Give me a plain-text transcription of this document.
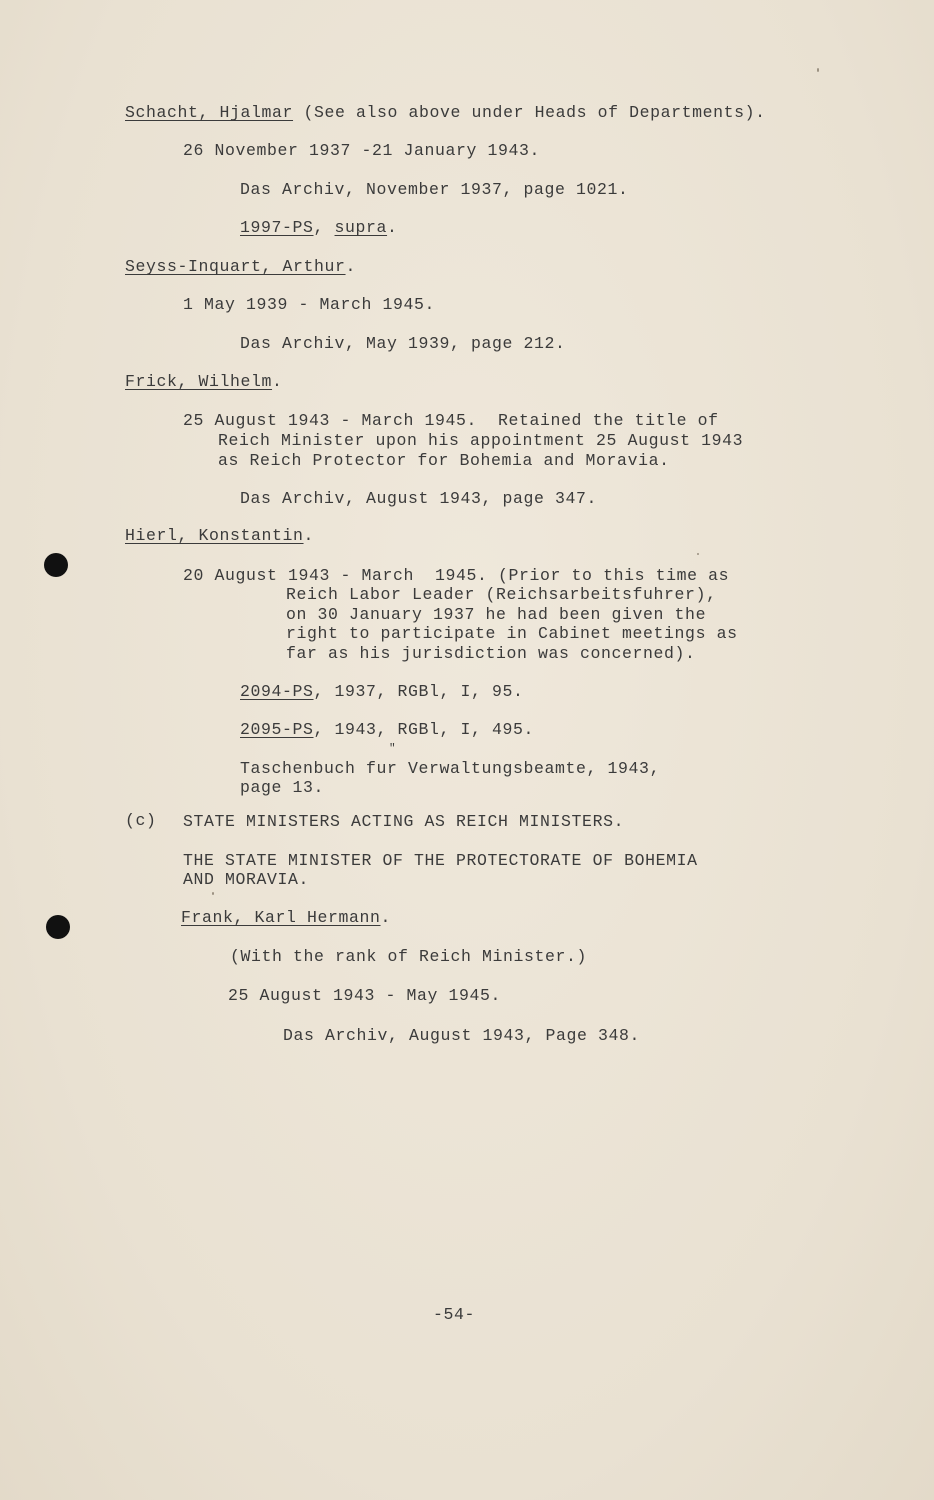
Schacht, Hjalmar (See also above under Heads of Departments).
26 November 1937 -21 January 1943.
Das Archiv, November 1937, page 1021.
1997-PS, supra.
Seyss-Inquart, Arthur.
1 May 1939 - March 1945.
Das Archiv, May 1939, page 212.
Frick, Wilhelm.
25 August 1943 - March 1945.  Retained the title of
Reich Minister upon his appointment 25 August 1943
as Reich Protector for Bohemia and Moravia.
Das Archiv, August 1943, page 347.
Hierl, Konstantin.
20 August 1943 - March  1945. (Prior to this time as
Reich Labor Leader (Reichsarbeitsfuhrer),
on 30 January 1937 he had been given the
right to participate in Cabinet meetings as
far as his jurisdiction was concerned).
2094-PS, 1937, RGBl, I, 95.
2095-PS, 1943, RGBl, I, 495.
"
Taschenbuch fur Verwaltungsbeamte, 1943,
page 13.
(c) STATE MINISTERS ACTING AS REICH MINISTERS.
THE STATE MINISTER OF THE PROTECTORATE OF BOHEMIA
AND MORAVIA.
Frank, Karl Hermann.
(With the rank of Reich Minister.)
25 August 1943 - May 1945.
Das Archiv, August 1943, Page 348.
-54-
